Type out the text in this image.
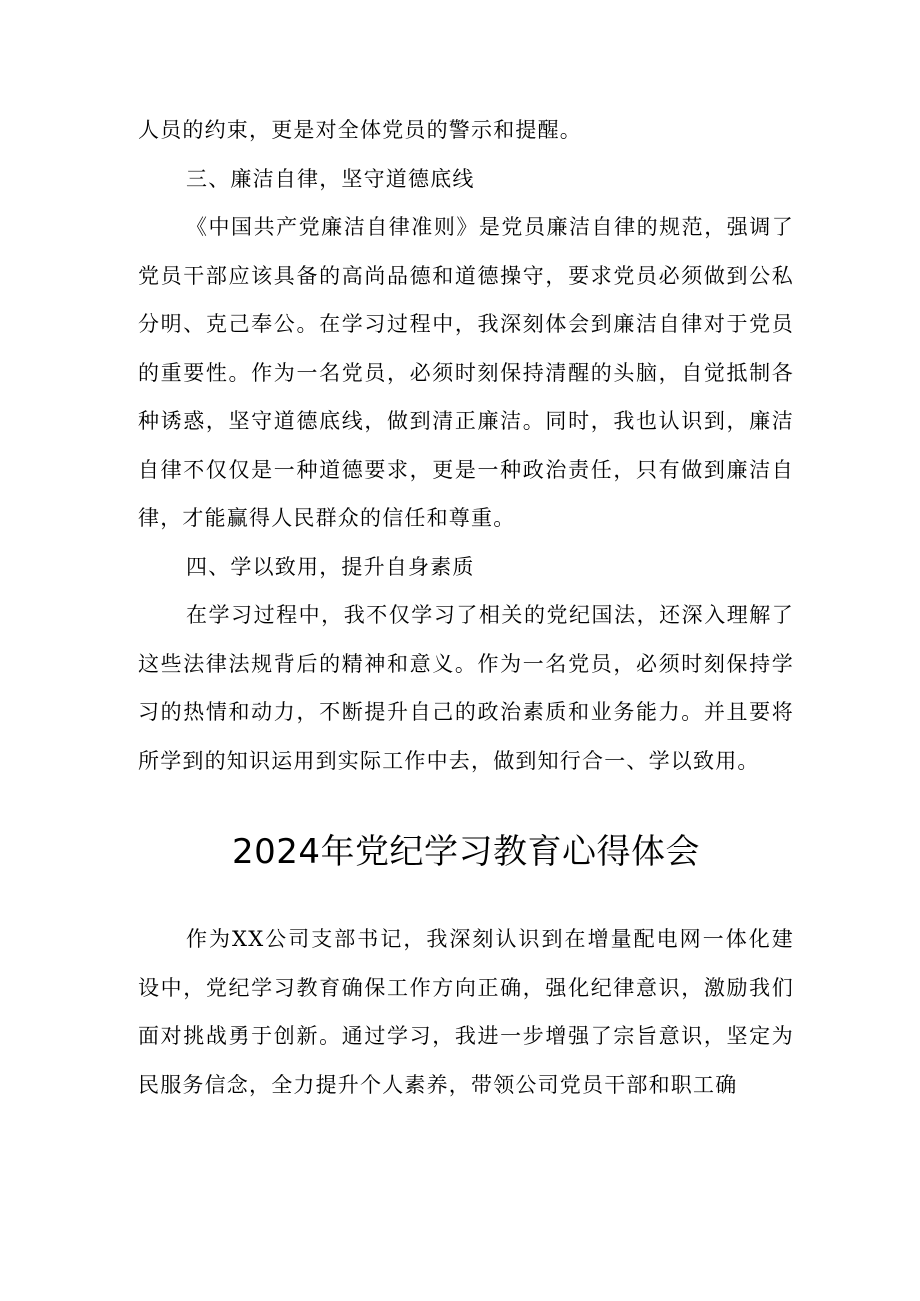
人员的约束，更是对全体党员的警示和提醒。

三、廉洁自律，坚守道德底线

《中国共产党廉洁自律准则》是党员廉洁自律的规范，强调了党员干部应该具备的高尚品德和道德操守，要求党员必须做到公私分明、克己奉公。在学习过程中，我深刻体会到廉洁自律对于党员的重要性。作为一名党员，必须时刻保持清醒的头脑，自觉抵制各种诱惑，坚守道德底线，做到清正廉洁。同时，我也认识到，廉洁自律不仅仅是一种道德要求，更是一种政治责任，只有做到廉洁自律，才能赢得人民群众的信任和尊重。

四、学以致用，提升自身素质

在学习过程中，我不仅学习了相关的党纪国法，还深入理解了这些法律法规背后的精神和意义。作为一名党员，必须时刻保持学习的热情和动力，不断提升自己的政治素质和业务能力。并且要将所学到的知识运用到实际工作中去，做到知行合一、学以致用。

2024年党纪学习教育心得体会

作为XX公司支部书记，我深刻认识到在增量配电网一体化建设中，党纪学习教育确保工作方向正确，强化纪律意识，激励我们面对挑战勇于创新。通过学习，我进一步增强了宗旨意识，坚定为民服务信念，全力提升个人素养，带领公司党员干部和职工确
